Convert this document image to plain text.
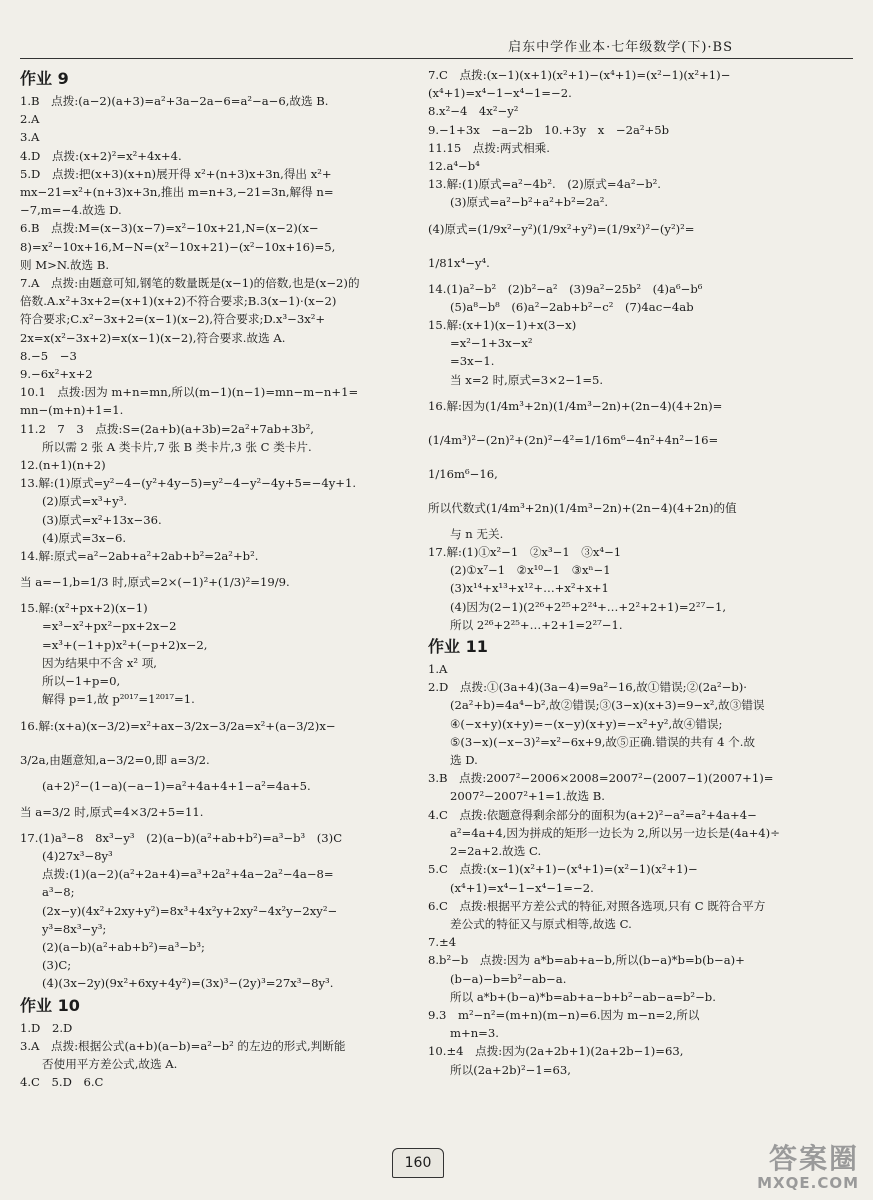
启东中学作业本·七年级数学(下)·BS
作业 9
1.B　点拨:(a−2)(a+3)=a²+3a−2a−6=a²−a−6,故选 B.
2.A
3.A
4.D　点拨:(x+2)²=x²+4x+4.
5.D　点拨:把(x+3)(x+n)展开得 x²+(n+3)x+3n,得出 x²+
mx−21=x²+(n+3)x+3n,推出 m=n+3,−21=3n,解得 n=
−7,m=−4.故选 D.
6.B　点拨:M=(x−3)(x−7)=x²−10x+21,N=(x−2)(x−
8)=x²−10x+16,M−N=(x²−10x+21)−(x²−10x+16)=5,
则 M>N.故选 B.
7.A　点拨:由题意可知,钢笔的数量既是(x−1)的倍数,也是(x−2)的
倍数.A.x²+3x+2=(x+1)(x+2)不符合要求;B.3(x−1)·(x−2)
符合要求;C.x²−3x+2=(x−1)(x−2),符合要求;D.x³−3x²+
2x=x(x²−3x+2)=x(x−1)(x−2),符合要求.故选 A.
8.−5　−3
9.−6x²+x+2
10.1　点拨:因为 m+n=mn,所以(m−1)(n−1)=mn−m−n+1=
mn−(m+n)+1=1.
11.2　7　3　点拨:S=(2a+b)(a+3b)=2a²+7ab+3b²,
所以需 2 张 A 类卡片,7 张 B 类卡片,3 张 C 类卡片.
12.(n+1)(n+2)
13.解:(1)原式=y²−4−(y²+4y−5)=y²−4−y²−4y+5=−4y+1.
(2)原式=x³+y³.
(3)原式=x²+13x−36.
(4)原式=3x−6.
14.解:原式=a²−2ab+a²+2ab+b²=2a²+b².
当 a=−1,b=1/3 时,原式=2×(−1)²+(1/3)²=19/9.
15.解:(x²+px+2)(x−1)
=x³−x²+px²−px+2x−2
=x³+(−1+p)x²+(−p+2)x−2,
因为结果中不含 x² 项,
所以−1+p=0,
解得 p=1,故 p²⁰¹⁷=1²⁰¹⁷=1.
16.解:(x+a)(x−3/2)=x²+ax−3/2x−3/2a=x²+(a−3/2)x−
3/2a,由题意知,a−3/2=0,即 a=3/2.
(a+2)²−(1−a)(−a−1)=a²+4a+4+1−a²=4a+5.
当 a=3/2 时,原式=4×3/2+5=11.
17.(1)a³−8　8x³−y³　(2)(a−b)(a²+ab+b²)=a³−b³　(3)C
(4)27x³−8y³
点拨:(1)(a−2)(a²+2a+4)=a³+2a²+4a−2a²−4a−8=
a³−8;
(2x−y)(4x²+2xy+y²)=8x³+4x²y+2xy²−4x²y−2xy²−
y³=8x³−y³;
(2)(a−b)(a²+ab+b²)=a³−b³;
(3)C;
(4)(3x−2y)(9x²+6xy+4y²)=(3x)³−(2y)³=27x³−8y³.
作业 10
1.D　2.D
3.A　点拨:根据公式(a+b)(a−b)=a²−b² 的左边的形式,判断能
否使用平方差公式,故选 A.
4.C　5.D　6.C
7.C　点拨:(x−1)(x+1)(x²+1)−(x⁴+1)=(x²−1)(x²+1)−
(x⁴+1)=x⁴−1−x⁴−1=−2.
8.x²−4　4x²−y²
9.−1+3x　−a−2b　10.+3y　x　−2a²+5b
11.15　点拨:两式相乘.
12.a⁴−b⁴
13.解:(1)原式=a²−4b².　(2)原式=4a²−b².
(3)原式=a²−b²+a²+b²=2a².
(4)原式=(1/9x²−y²)(1/9x²+y²)=(1/9x²)²−(y²)²=
1/81x⁴−y⁴.
14.(1)a²−b²　(2)b²−a²　(3)9a²−25b²　(4)a⁶−b⁶
(5)a⁸−b⁸　(6)a²−2ab+b²−c²　(7)4ac−4ab
15.解:(x+1)(x−1)+x(3−x)
=x²−1+3x−x²
=3x−1.
当 x=2 时,原式=3×2−1=5.
16.解:因为(1/4m³+2n)(1/4m³−2n)+(2n−4)(4+2n)=
(1/4m³)²−(2n)²+(2n)²−4²=1/16m⁶−4n²+4n²−16=
1/16m⁶−16,
所以代数式(1/4m³+2n)(1/4m³−2n)+(2n−4)(4+2n)的值
与 n 无关.
17.解:(1)①x²−1　②x³−1　③x⁴−1
(2)①x⁷−1　②x¹⁰−1　③xⁿ−1
(3)x¹⁴+x¹³+x¹²+…+x²+x+1
(4)因为(2−1)(2²⁶+2²⁵+2²⁴+…+2²+2+1)=2²⁷−1,
所以 2²⁶+2²⁵+…+2+1=2²⁷−1.
作业 11
1.A
2.D　点拨:①(3a+4)(3a−4)=9a²−16,故①错误;②(2a²−b)·
(2a²+b)=4a⁴−b²,故②错误;③(3−x)(x+3)=9−x²,故③错误
④(−x+y)(x+y)=−(x−y)(x+y)=−x²+y²,故④错误;
⑤(3−x)(−x−3)²=x²−6x+9,故⑤正确.错误的共有 4 个.故
选 D.
3.B　点拨:2007²−2006×2008=2007²−(2007−1)(2007+1)=
2007²−2007²+1=1.故选 B.
4.C　点拨:依题意得剩余部分的面积为(a+2)²−a²=a²+4a+4−
a²=4a+4,因为拼成的矩形一边长为 2,所以另一边长是(4a+4)÷
2=2a+2.故选 C.
5.C　点拨:(x−1)(x²+1)−(x⁴+1)=(x²−1)(x²+1)−
(x⁴+1)=x⁴−1−x⁴−1=−2.
6.C　点拨:根据平方差公式的特征,对照各选项,只有 C 既符合平方
差公式的特征又与原式相等,故选 C.
7.±4
8.b²−b　点拨:因为 a*b=ab+a−b,所以(b−a)*b=b(b−a)+
(b−a)−b=b²−ab−a.
所以 a*b+(b−a)*b=ab+a−b+b²−ab−a=b²−b.
9.3　m²−n²=(m+n)(m−n)=6.因为 m−n=2,所以
m+n=3.
10.±4　点拨:因为(2a+2b+1)(2a+2b−1)=63,
所以(2a+2b)²−1=63,
160	答案圈
MXQE.COM
